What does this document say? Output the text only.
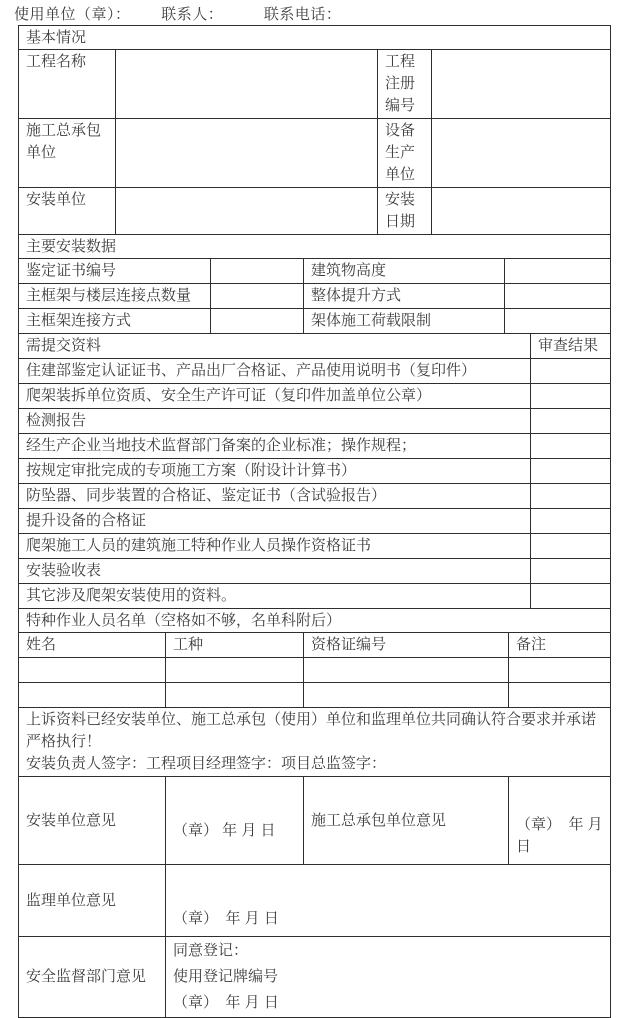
使用单位（章）： 联系人：	联系电话：
基本情况			
工程名称		工程注册编号	
施工总承包单位		设备生产单位	
安装单位		安装日期	
主要安装数据			
鉴定证书编号		建筑物高度	
主框架与楼层连接点数量		整体提升方式	
主框架连接方式		架体施工荷载限制	
需提交资料	审查结果
住建部鉴定认证证书、产品出厂合格证、产品使用说明书（复印件）	
爬架装拆单位资质、安全生产许可证（复印件加盖单位公章）	
检测报告	
经生产企业当地技术监督部门备案的企业标准；操作规程；	
按规定审批完成的专项施工方案（附设计计算书）	
防坠器、同步装置的合格证、鉴定证书（含试验报告）	
提升设备的合格证	
爬架施工人员的建筑施工特种作业人员操作资格证书	
安装验收表	
其它涉及爬架安装使用的资料。	
特种作业人员名单（空格如不够，名单科附后）			
姓名	工种	资格证编号	备注

上诉资料已经安装单位、施工总承包（使用）单位和监理单位共同确认符合要求并承诺严格执行！
安装负责人签字：工程项目经理签字：项目总监签字：			

安装单位意见	（章） 年 月 日	施工总承包单位意见	（章）　年 月 日
监理单位意见	（章）　年 月 日		
安全监督部门意见	同意登记：
使用登记牌编号
（章）　年 月 日		
